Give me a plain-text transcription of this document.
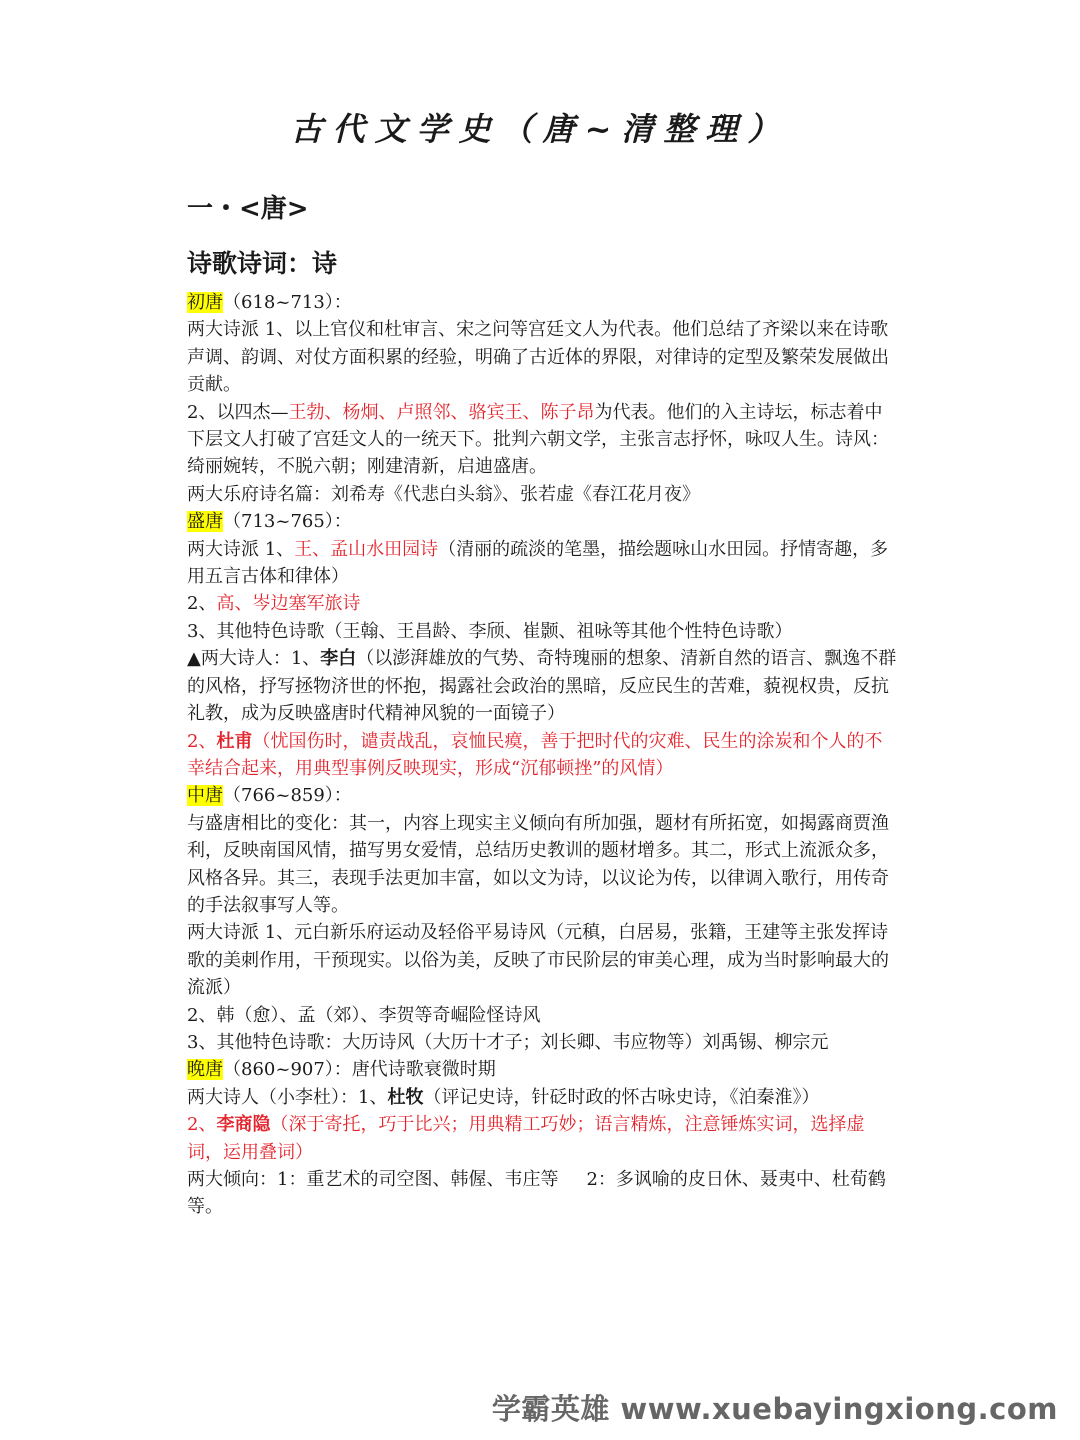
古代文学史（唐~清整理）
一・<唐>
诗歌诗词：诗

初唐（618~713）：

两大诗派 1、以上官仪和杜审言、宋之问等宫廷文人为代表。他们总结了齐梁以来在诗歌声调、韵调、对仗方面积累的经验，明确了古近体的界限，对律诗的定型及繁荣发展做出贡献。

2、以四杰—王勃、杨炯、卢照邻、骆宾王、陈子昂为代表。他们的入主诗坛，标志着中下层文人打破了宫廷文人的一统天下。批判六朝文学，主张言志抒怀，咏叹人生。诗风：绮丽婉转，不脱六朝；刚建清新，启迪盛唐。

两大乐府诗名篇：刘希寿《代悲白头翁》、张若虚《春江花月夜》

盛唐（713~765）：

两大诗派 1、王、孟山水田园诗（清丽的疏淡的笔墨，描绘题咏山水田园。抒情寄趣，多用五言古体和律体）

2、高、岑边塞军旅诗

3、其他特色诗歌（王翰、王昌龄、李颀、崔颢、祖咏等其他个性特色诗歌）

▲两大诗人：1、李白（以澎湃雄放的气势、奇特瑰丽的想象、清新自然的语言、飘逸不群的风格，抒写拯物济世的怀抱，揭露社会政治的黑暗，反应民生的苦难，藐视权贵，反抗礼教，成为反映盛唐时代精神风貌的一面镜子）

2、杜甫（忧国伤时，谴责战乱，哀恤民瘼，善于把时代的灾难、民生的涂炭和个人的不幸结合起来，用典型事例反映现实，形成“沉郁顿挫”的风情）

中唐（766~859）：

与盛唐相比的变化：其一，内容上现实主义倾向有所加强，题材有所拓宽，如揭露商贾渔利，反映南国风情，描写男女爱情，总结历史教训的题材增多。其二，形式上流派众多，风格各异。其三，表现手法更加丰富，如以文为诗，以议论为传，以律调入歌行，用传奇的手法叙事写人等。

两大诗派 1、元白新乐府运动及轻俗平易诗风（元稹，白居易，张籍，王建等主张发挥诗歌的美刺作用，干预现实。以俗为美，反映了市民阶层的审美心理，成为当时影响最大的流派）

2、韩（愈）、孟（郊）、李贺等奇崛险怪诗风

3、其他特色诗歌：大历诗风（大历十才子；刘长卿、韦应物等）刘禹锡、柳宗元

晚唐（860~907）：唐代诗歌衰微时期

两大诗人（小李杜）：1、杜牧（评记史诗，针砭时政的怀古咏史诗，《泊秦淮》）

2、李商隐（深于寄托，巧于比兴；用典精工巧妙；语言精炼，注意锤炼实词，选择虚词，运用叠词）

两大倾向：1：重艺术的司空图、韩偓、韦庄等 2：多讽喻的皮日休、聂夷中、杜荀鹤等。

学霸英雄 www.xuebayingxiong.com
